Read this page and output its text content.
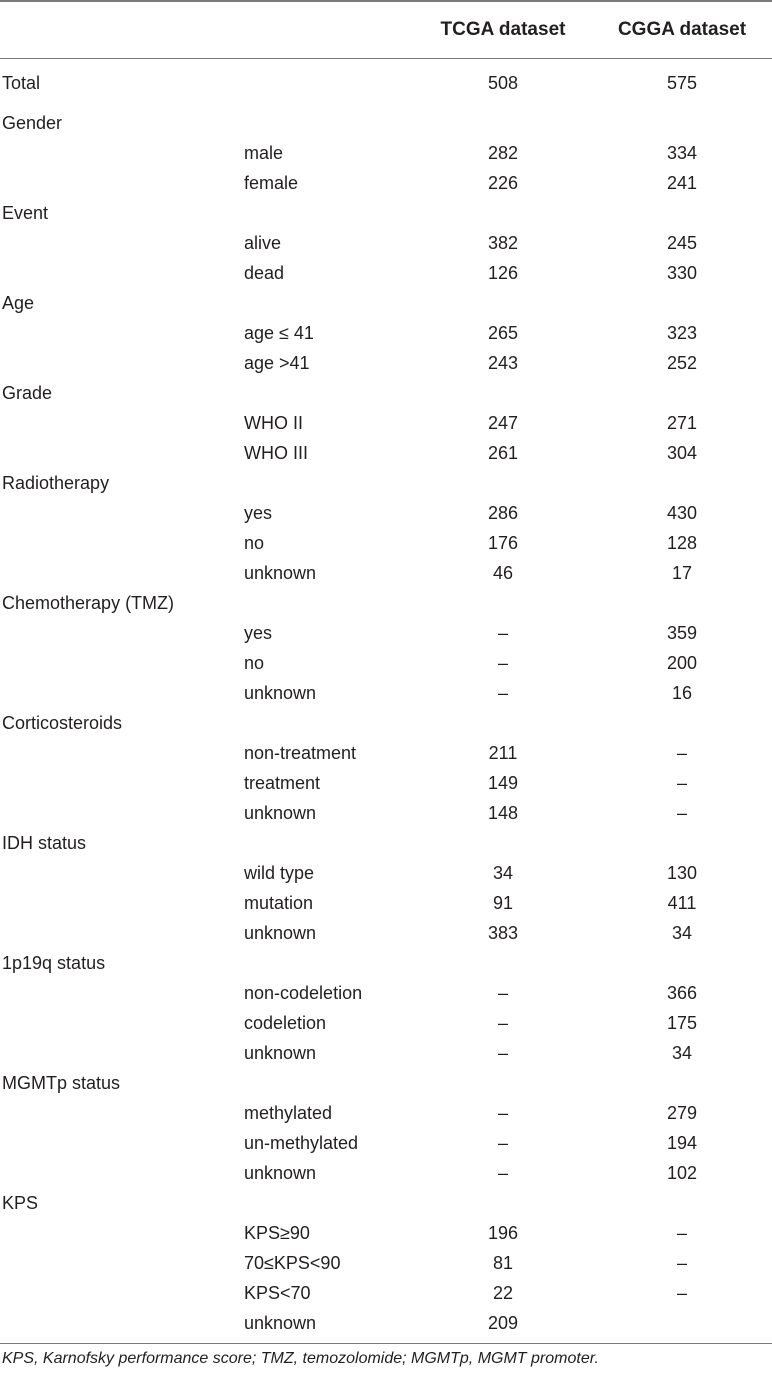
		TCGA dataset	CGGA dataset
Total		508	575
Gender			
	male	282	334
	female	226	241
Event			
	alive	382	245
	dead	126	330
Age			
	age ≤ 41	265	323
	age >41	243	252
Grade			
	WHO II	247	271
	WHO III	261	304
Radiotherapy			
	yes	286	430
	no	176	128
	unknown	46	17
Chemotherapy (TMZ)			
	yes	–	359
	no	–	200
	unknown	–	16
Corticosteroids			
	non-treatment	211	–
	treatment	149	–
	unknown	148	–
IDH status			
	wild type	34	130
	mutation	91	411
	unknown	383	34
1p19q status			
	non-codeletion	–	366
	codeletion	–	175
	unknown	–	34
MGMTp status			
	methylated	–	279
	un-methylated	–	194
	unknown	–	102
KPS			
	KPS≥90	196	–
	70≤KPS<90	81	–
	KPS<70	22	–
	unknown	209	
KPS, Karnofsky performance score; TMZ, temozolomide; MGMTp, MGMT promoter.
